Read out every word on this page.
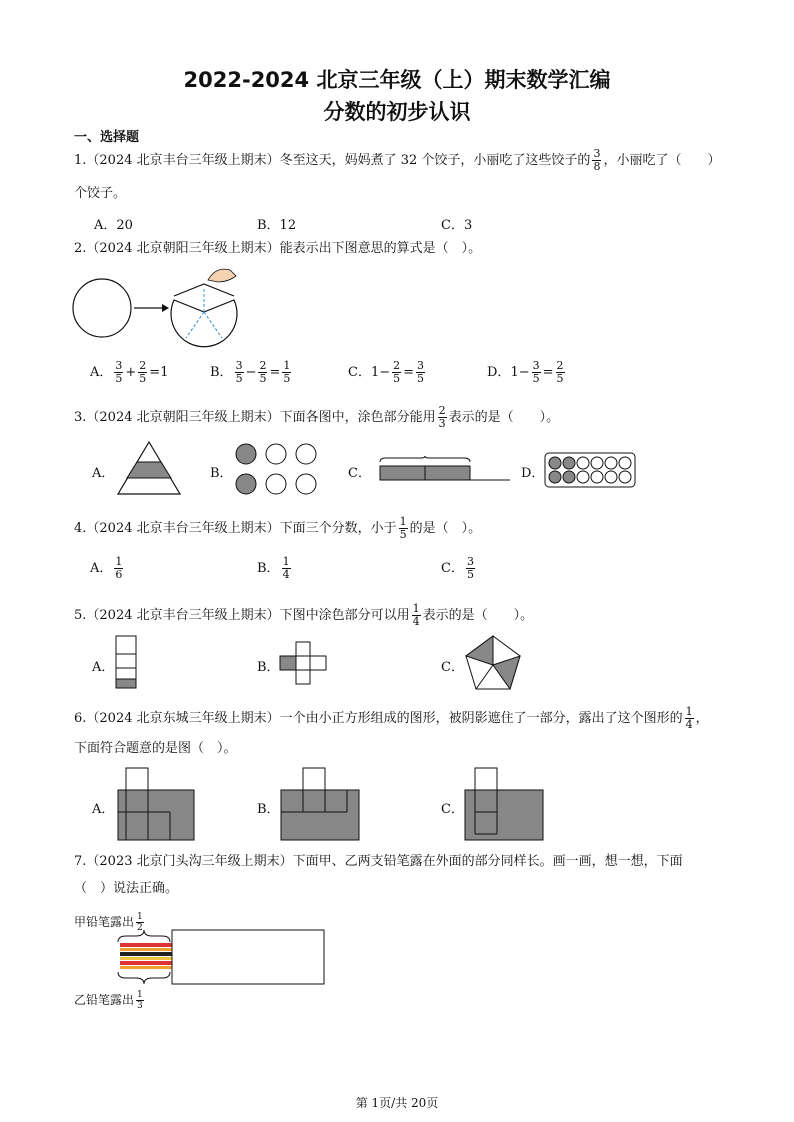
2022-2024 北京三年级（上）期末数学汇编
分数的初步认识
一、选择题
1.（2024 北京丰台三年级上期末）冬至这天，妈妈煮了 32 个饺子，小丽吃了这些饺子的 $\frac{3}{8}$ ，小丽吃了（　　）
个饺子。
A．20	B．12	C．3
2.（2024 北京朝阳三年级上期末）能表示出下图意思的算式是（　）。
A． $\frac{3}{5} + \frac{2}{5} =1$	B． $\frac{3}{5} - \frac{2}{5} = \frac{1}{5}$	C．$1- \frac{2}{5} = \frac{3}{5}$	D．$1- \frac{3}{5} = \frac{2}{5}$
3.（2024 北京朝阳三年级上期末）下面各图中，涂色部分能用 $\frac{2}{3}$ 表示的是（　　）。
A．	B．	C．	D．
4.（2024 北京丰台三年级上期末）下面三个分数，小于 $\frac{1}{5}$ 的是（　）。
A． $\frac{1}{6}$	B． $\frac{1}{4}$	C． $\frac{3}{5}$
5.（2024 北京丰台三年级上期末）下图中涂色部分可以用 $\frac{1}{4}$ 表示的是（　　）。
A．	B．	C．
6.（2024 北京东城三年级上期末）一个由小正方形组成的图形，被阴影遮住了一部分，露出了这个图形的 $\frac{1}{4}$ ，
下面符合题意的是图（　）。
A．	B．	C．
7.（2023 北京门头沟三年级上期末）下面甲、乙两支铅笔露在外面的部分同样长。画一画，想一想，下面
（　）说法正确。
甲铅笔露出 $\frac{1}{2}$
乙铅笔露出 $\frac{1}{3}$
第 1页/共 20页
